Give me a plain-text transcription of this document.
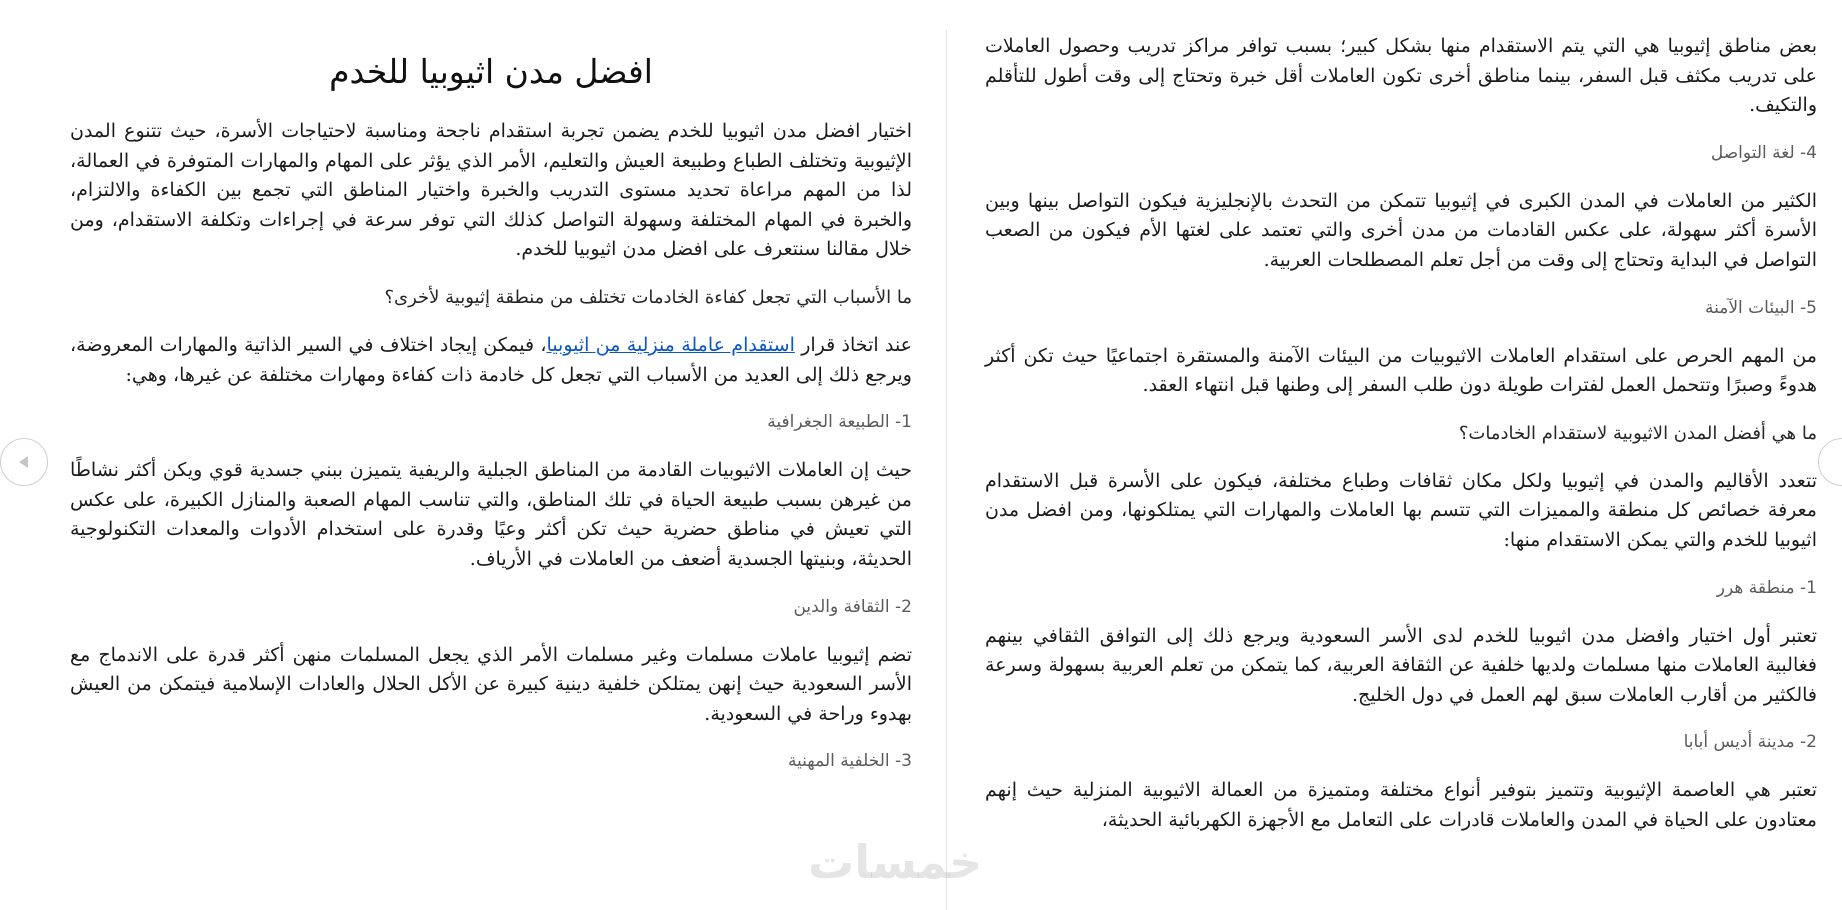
بعض مناطق إثيوبيا هي التي يتم الاستقدام منها بشكل كبير؛ بسبب توافر مراكز تدريب وحصول العاملات على تدريب مكثف قبل السفر، بينما مناطق أخرى تكون العاملات أقل خبرة وتحتاج إلى وقت أطول للتأقلم والتكيف.

4- لغة التواصل

الكثير من العاملات في المدن الكبرى في إثيوبيا تتمكن من التحدث بالإنجليزية فيكون التواصل بينها وبين الأسرة أكثر سهولة، على عكس القادمات من مدن أخرى والتي تعتمد على لغتها الأم فيكون من الصعب التواصل في البداية وتحتاج إلى وقت من أجل تعلم المصطلحات العربية.

5- البيئات الآمنة

من المهم الحرص على استقدام العاملات الاثيوبيات من البيئات الآمنة والمستقرة اجتماعيًا حيث تكن أكثر هدوءً وصبرًا وتتحمل العمل لفترات طويلة دون طلب السفر إلى وطنها قبل انتهاء العقد.

ما هي أفضل المدن الاثيوبية لاستقدام الخادمات؟

تتعدد الأقاليم والمدن في إثيوبيا ولكل مكان ثقافات وطباع مختلفة، فيكون على الأسرة قبل الاستقدام معرفة خصائص كل منطقة والمميزات التي تتسم بها العاملات والمهارات التي يمتلكونها، ومن افضل مدن اثيوبيا للخدم والتي يمكن الاستقدام منها:

1- منطقة هرر

تعتبر أول اختيار وافضل مدن اثيوبيا للخدم لدى الأسر السعودية ويرجع ذلك إلى التوافق الثقافي بينهم فغالبية العاملات منها مسلمات ولديها خلفية عن الثقافة العربية، كما يتمكن من تعلم العربية بسهولة وسرعة فالكثير من أقارب العاملات سبق لهم العمل في دول الخليج.

2- مدينة أديس أبابا

تعتبر هي العاصمة الإثيوبية وتتميز بتوفير أنواع مختلفة ومتميزة من العمالة الاثيوبية المنزلية حيث إنهم معتادون على الحياة في المدن والعاملات قادرات على التعامل مع الأجهزة الكهربائية الحديثة،

افضل مدن اثيوبيا للخدم

اختيار افضل مدن اثيوبيا للخدم يضمن تجربة استقدام ناجحة ومناسبة لاحتياجات الأسرة، حيث تتنوع المدن الإثيوبية وتختلف الطباع وطبيعة العيش والتعليم، الأمر الذي يؤثر على المهام والمهارات المتوفرة في العمالة، لذا من المهم مراعاة تحديد مستوى التدريب والخبرة واختيار المناطق التي تجمع بين الكفاءة والالتزام، والخبرة في المهام المختلفة وسهولة التواصل كذلك التي توفر سرعة في إجراءات وتكلفة الاستقدام، ومن خلال مقالنا سنتعرف على افضل مدن اثيوبيا للخدم.

ما الأسباب التي تجعل كفاءة الخادمات تختلف من منطقة إثيوبية لأخرى؟

عند اتخاذ قرار استقدام عاملة منزلية من اثيوبيا، فيمكن إيجاد اختلاف في السير الذاتية والمهارات المعروضة، ويرجع ذلك إلى العديد من الأسباب التي تجعل كل خادمة ذات كفاءة ومهارات مختلفة عن غيرها، وهي:

1- الطبيعة الجغرافية

حيث إن العاملات الاثيوبيات القادمة من المناطق الجبلية والريفية يتميزن ببني جسدية قوي ويكن أكثر نشاطًا من غيرهن بسبب طبيعة الحياة في تلك المناطق، والتي تناسب المهام الصعبة والمنازل الكبيرة، على عكس التي تعيش في مناطق حضرية حيث تكن أكثر وعيًا وقدرة على استخدام الأدوات والمعدات التكنولوجية الحديثة، وبنيتها الجسدية أضعف من العاملات في الأرياف.

2- الثقافة والدين

تضم إثيوبيا عاملات مسلمات وغير مسلمات الأمر الذي يجعل المسلمات منهن أكثر قدرة على الاندماج مع الأسر السعودية حيث إنهن يمتلكن خلفية دينية كبيرة عن الأكل الحلال والعادات الإسلامية فيتمكن من العيش بهدوء وراحة في السعودية.

3- الخلفية المهنية
خمسات
